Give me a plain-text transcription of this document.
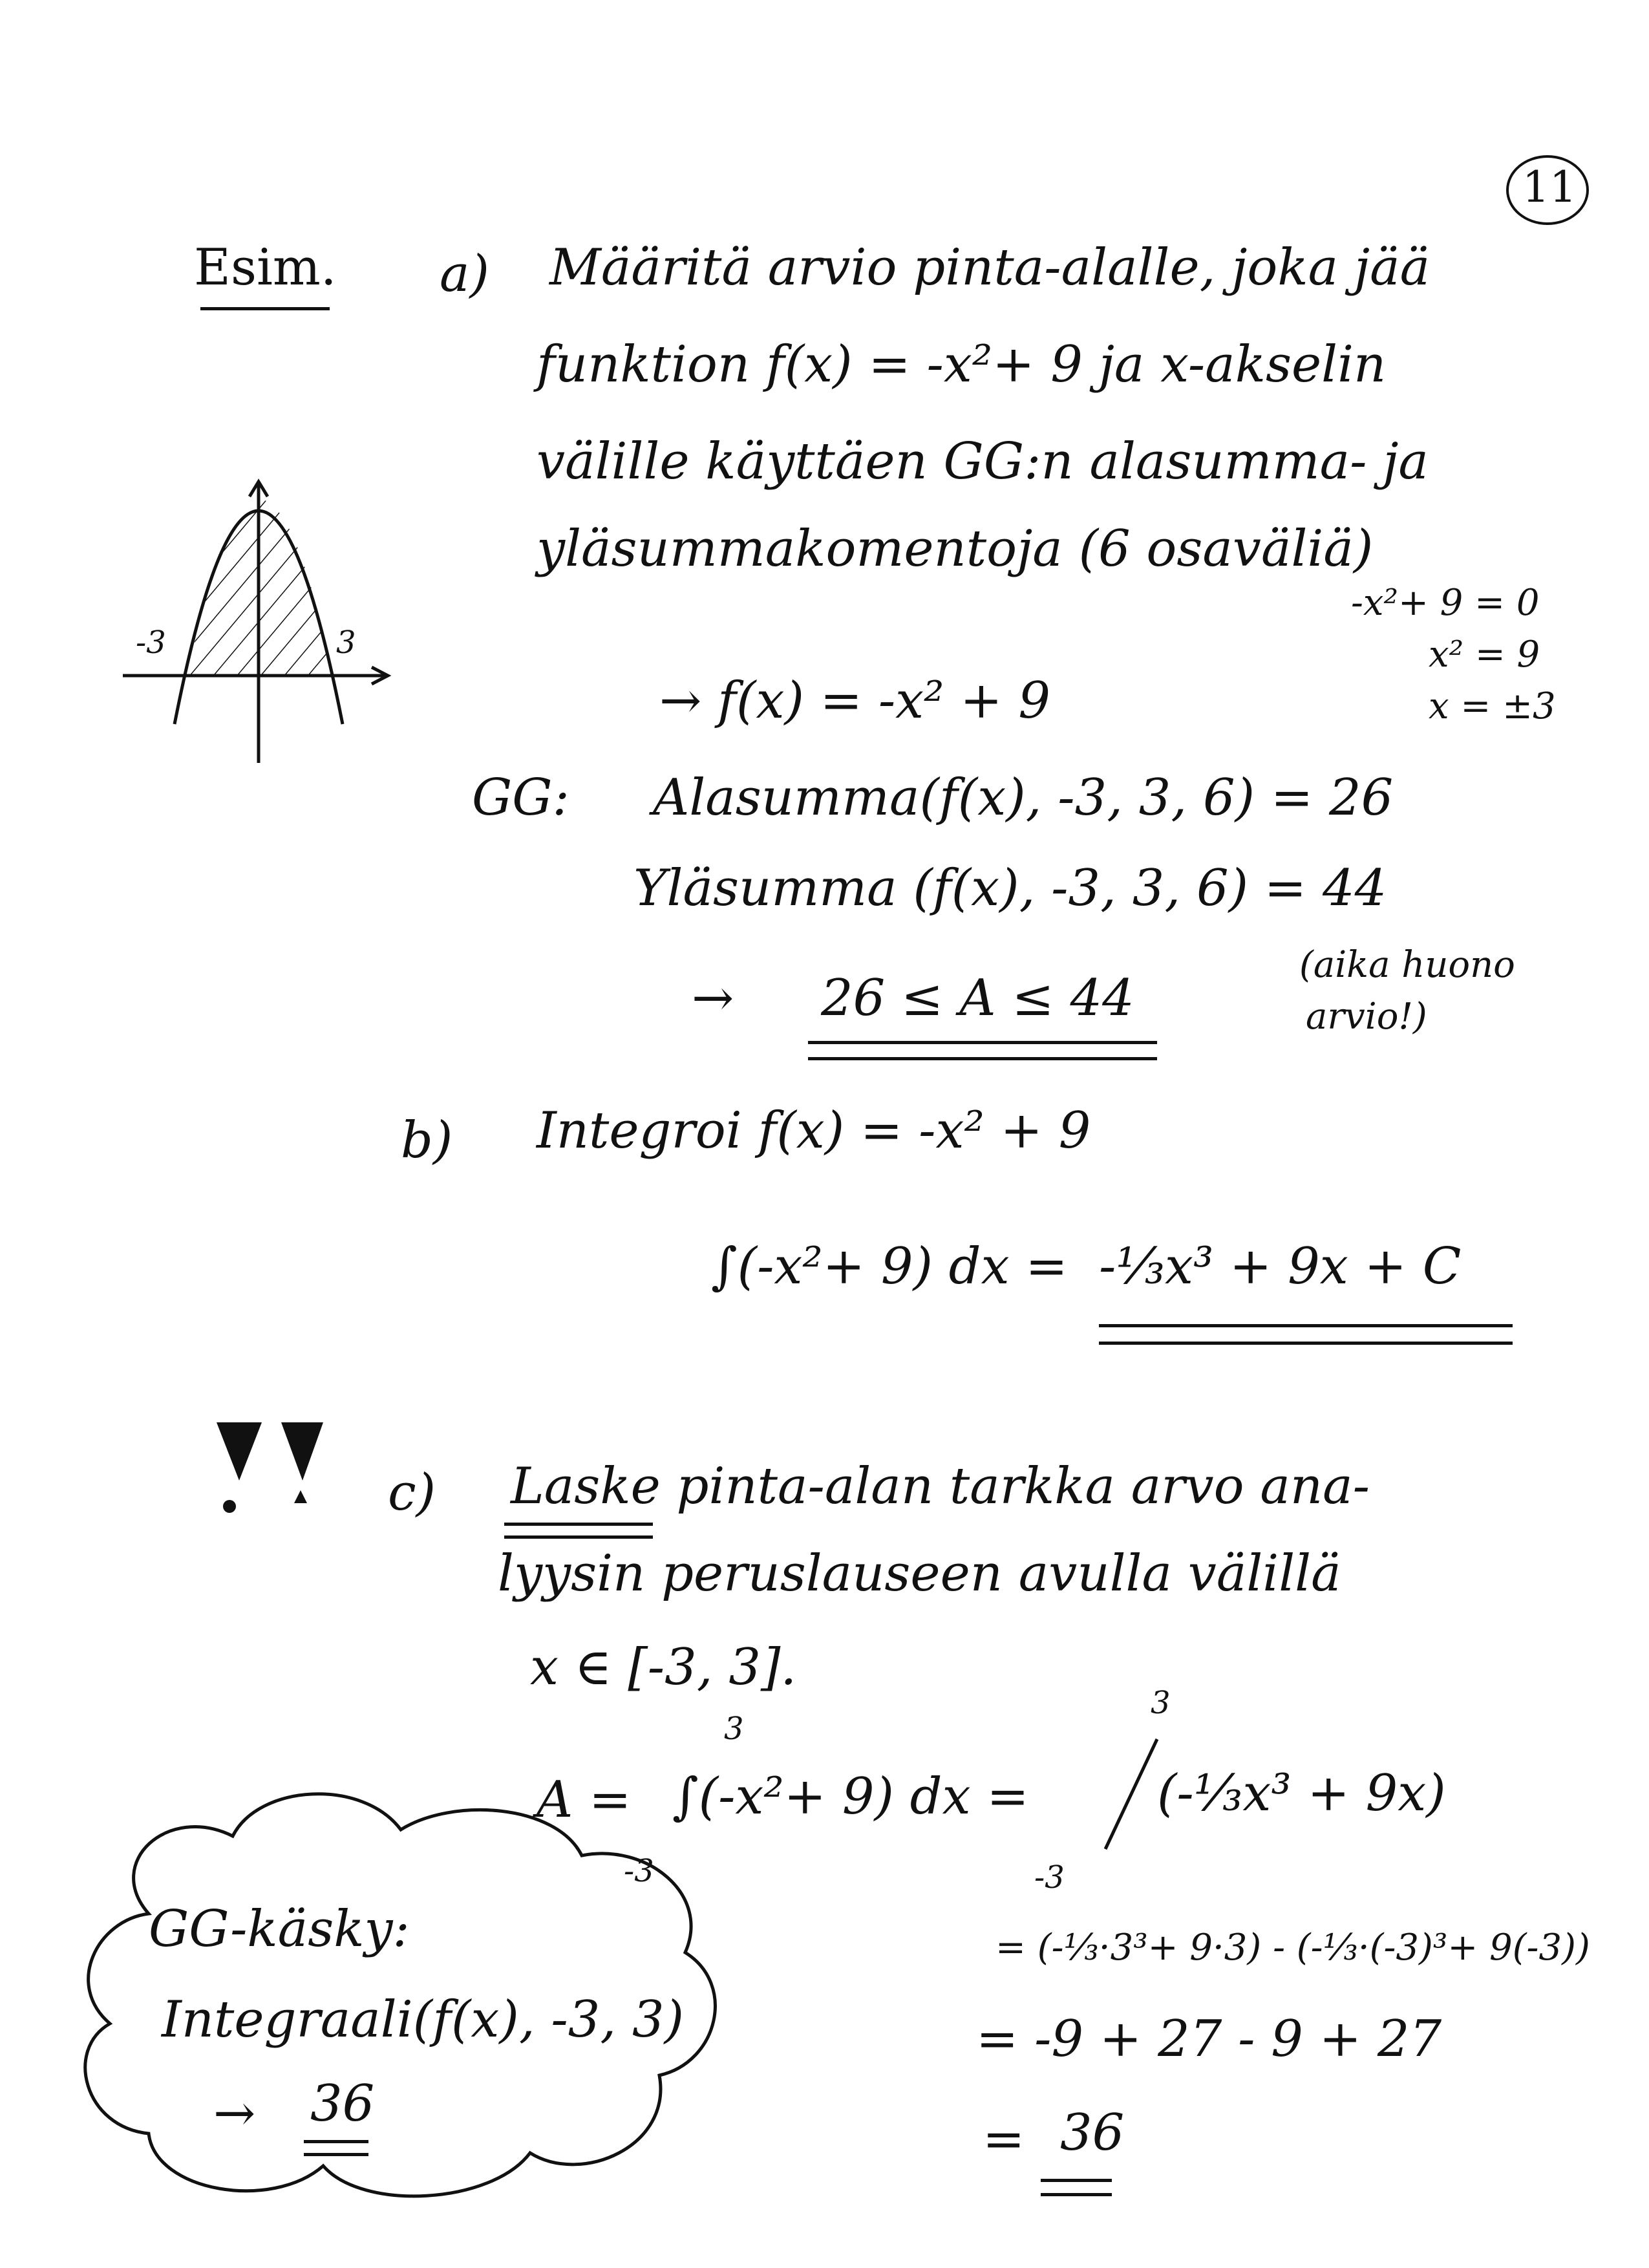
11
Esim. a) Määritä arvio pinta-alalle, joka jää
funktion f(x) = -x²+ 9 ja x-akselin
välille käyttäen GG:n alasumma- ja
yläsummakomentoja (6 osaväliä)
-x²+ 9 = 0
x² = 9
x = ±3
-3	3
→ f(x) = -x² + 9
GG: Alasumma(f(x), -3, 3, 6) = 26
Yläsumma (f(x), -3, 3, 6) = 44
→ 26 ≤ A ≤ 44
(aika huono
arvio!)
b) Integroi f(x) = -x² + 9
∫(-x²+ 9) dx = -⅓x³ + 9x + C
c) Laske pinta-alan tarkka arvo ana-
lyysin peruslauseen avulla välillä
x ∈ [-3, 3].
A =
3
-3
∫(-x²+ 9) dx =
3
-3
(-⅓x³ + 9x)
= (-⅓·3³+ 9·3) - (-⅓·(-3)³+ 9(-3))
= -9 + 27 - 9 + 27
= 36
GG-käsky:
Integraali(f(x), -3, 3)
→ 36
